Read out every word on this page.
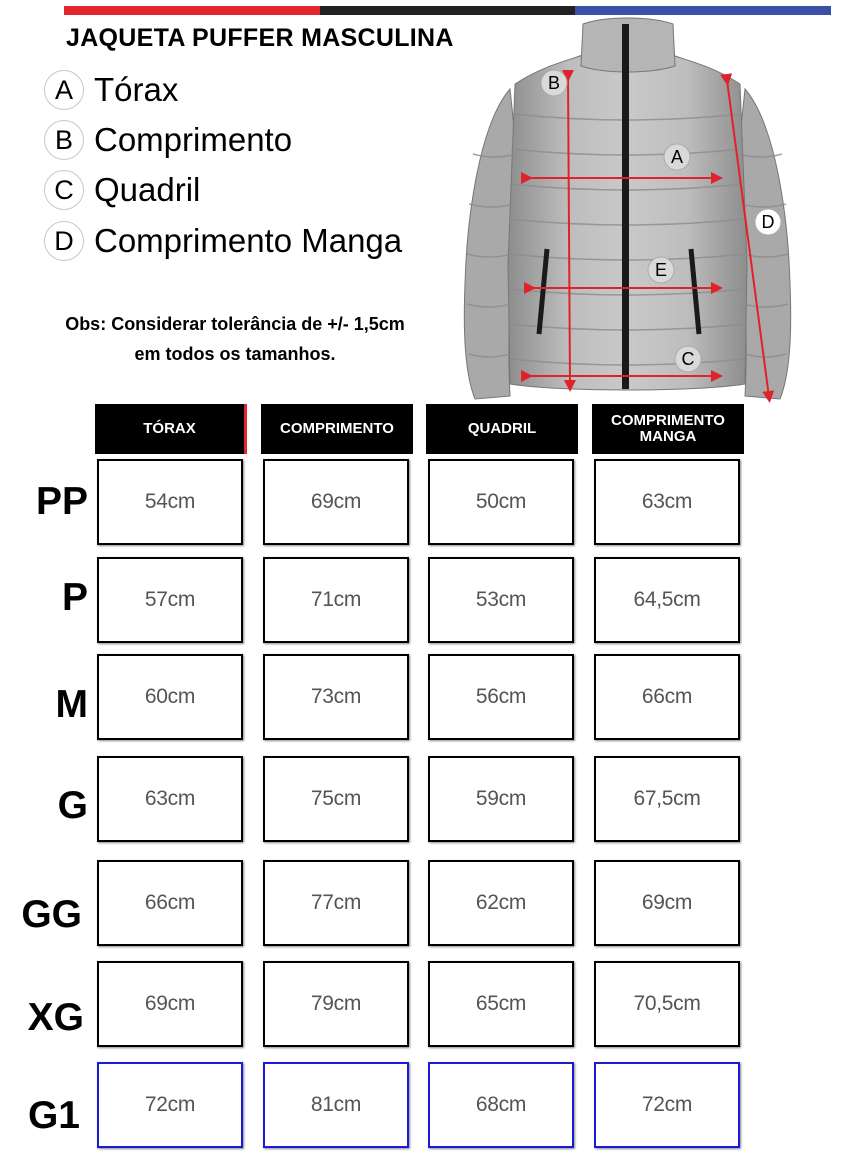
JAQUETA PUFFER MASCULINA
A Tórax
B Comprimento
C Quadril
D Comprimento Manga
Obs: Considerar tolerância de +/- 1,5cm
em todos os tamanhos.
B
A
E
C
D
TÓRAX	COMPRIMENTO	QUADRIL	COMPRIMENTO
MANGA
PP	54cm	69cm	50cm	63cm
P	57cm	71cm	53cm	64,5cm
M	60cm	73cm	56cm	66cm
G	63cm	75cm	59cm	67,5cm
GG	66cm	77cm	62cm	69cm
XG	69cm	79cm	65cm	70,5cm
G1	72cm	81cm	68cm	72cm
